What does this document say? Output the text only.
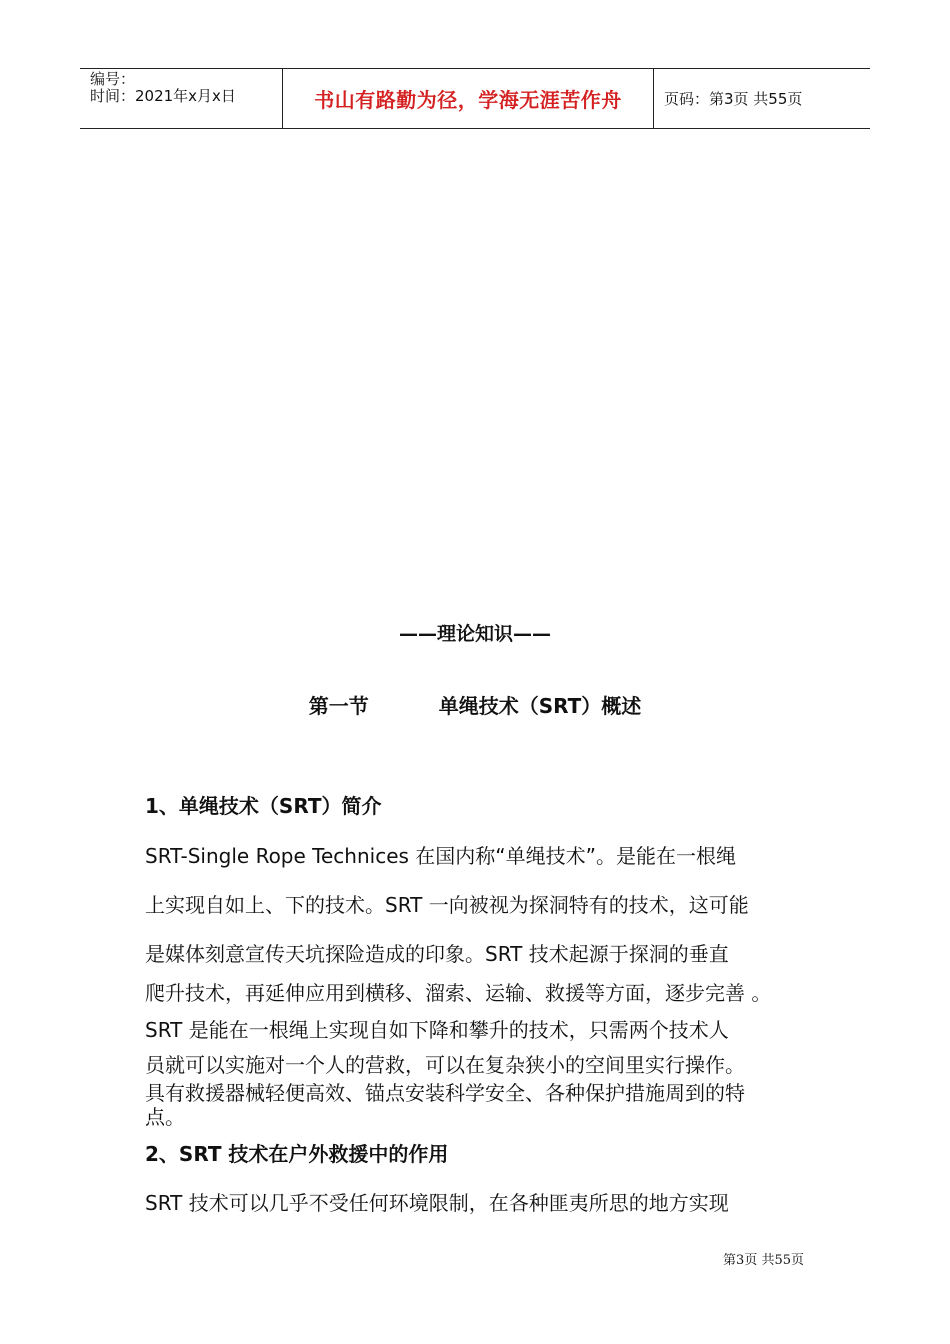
编号：
时间：2021年x月x日	书山有路勤为径，学海无涯苦作舟	页码：第3页 共55页
——理论知识——
第一节	单绳技术（SRT）概述
1、单绳技术（SRT）简介
SRT-Single Rope Technices 在国内称“单绳技术”。是能在一根绳
上实现自如上、下的技术。SRT 一向被视为探洞特有的技术，这可能
是媒体刻意宣传天坑探险造成的印象。SRT 技术起源于探洞的垂直
爬升技术，再延伸应用到横移、溜索、运输、救援等方面，逐步完善 。
SRT 是能在一根绳上实现自如下降和攀升的技术，只需两个技术人
员就可以实施对一个人的营救，可以在复杂狭小的空间里实行操作。
具有救援器械轻便高效、锚点安装科学安全、各种保护措施周到的特
点。
2、SRT 技术在户外救援中的作用
SRT 技术可以几乎不受任何环境限制，在各种匪夷所思的地方实现
第3页 共55页
